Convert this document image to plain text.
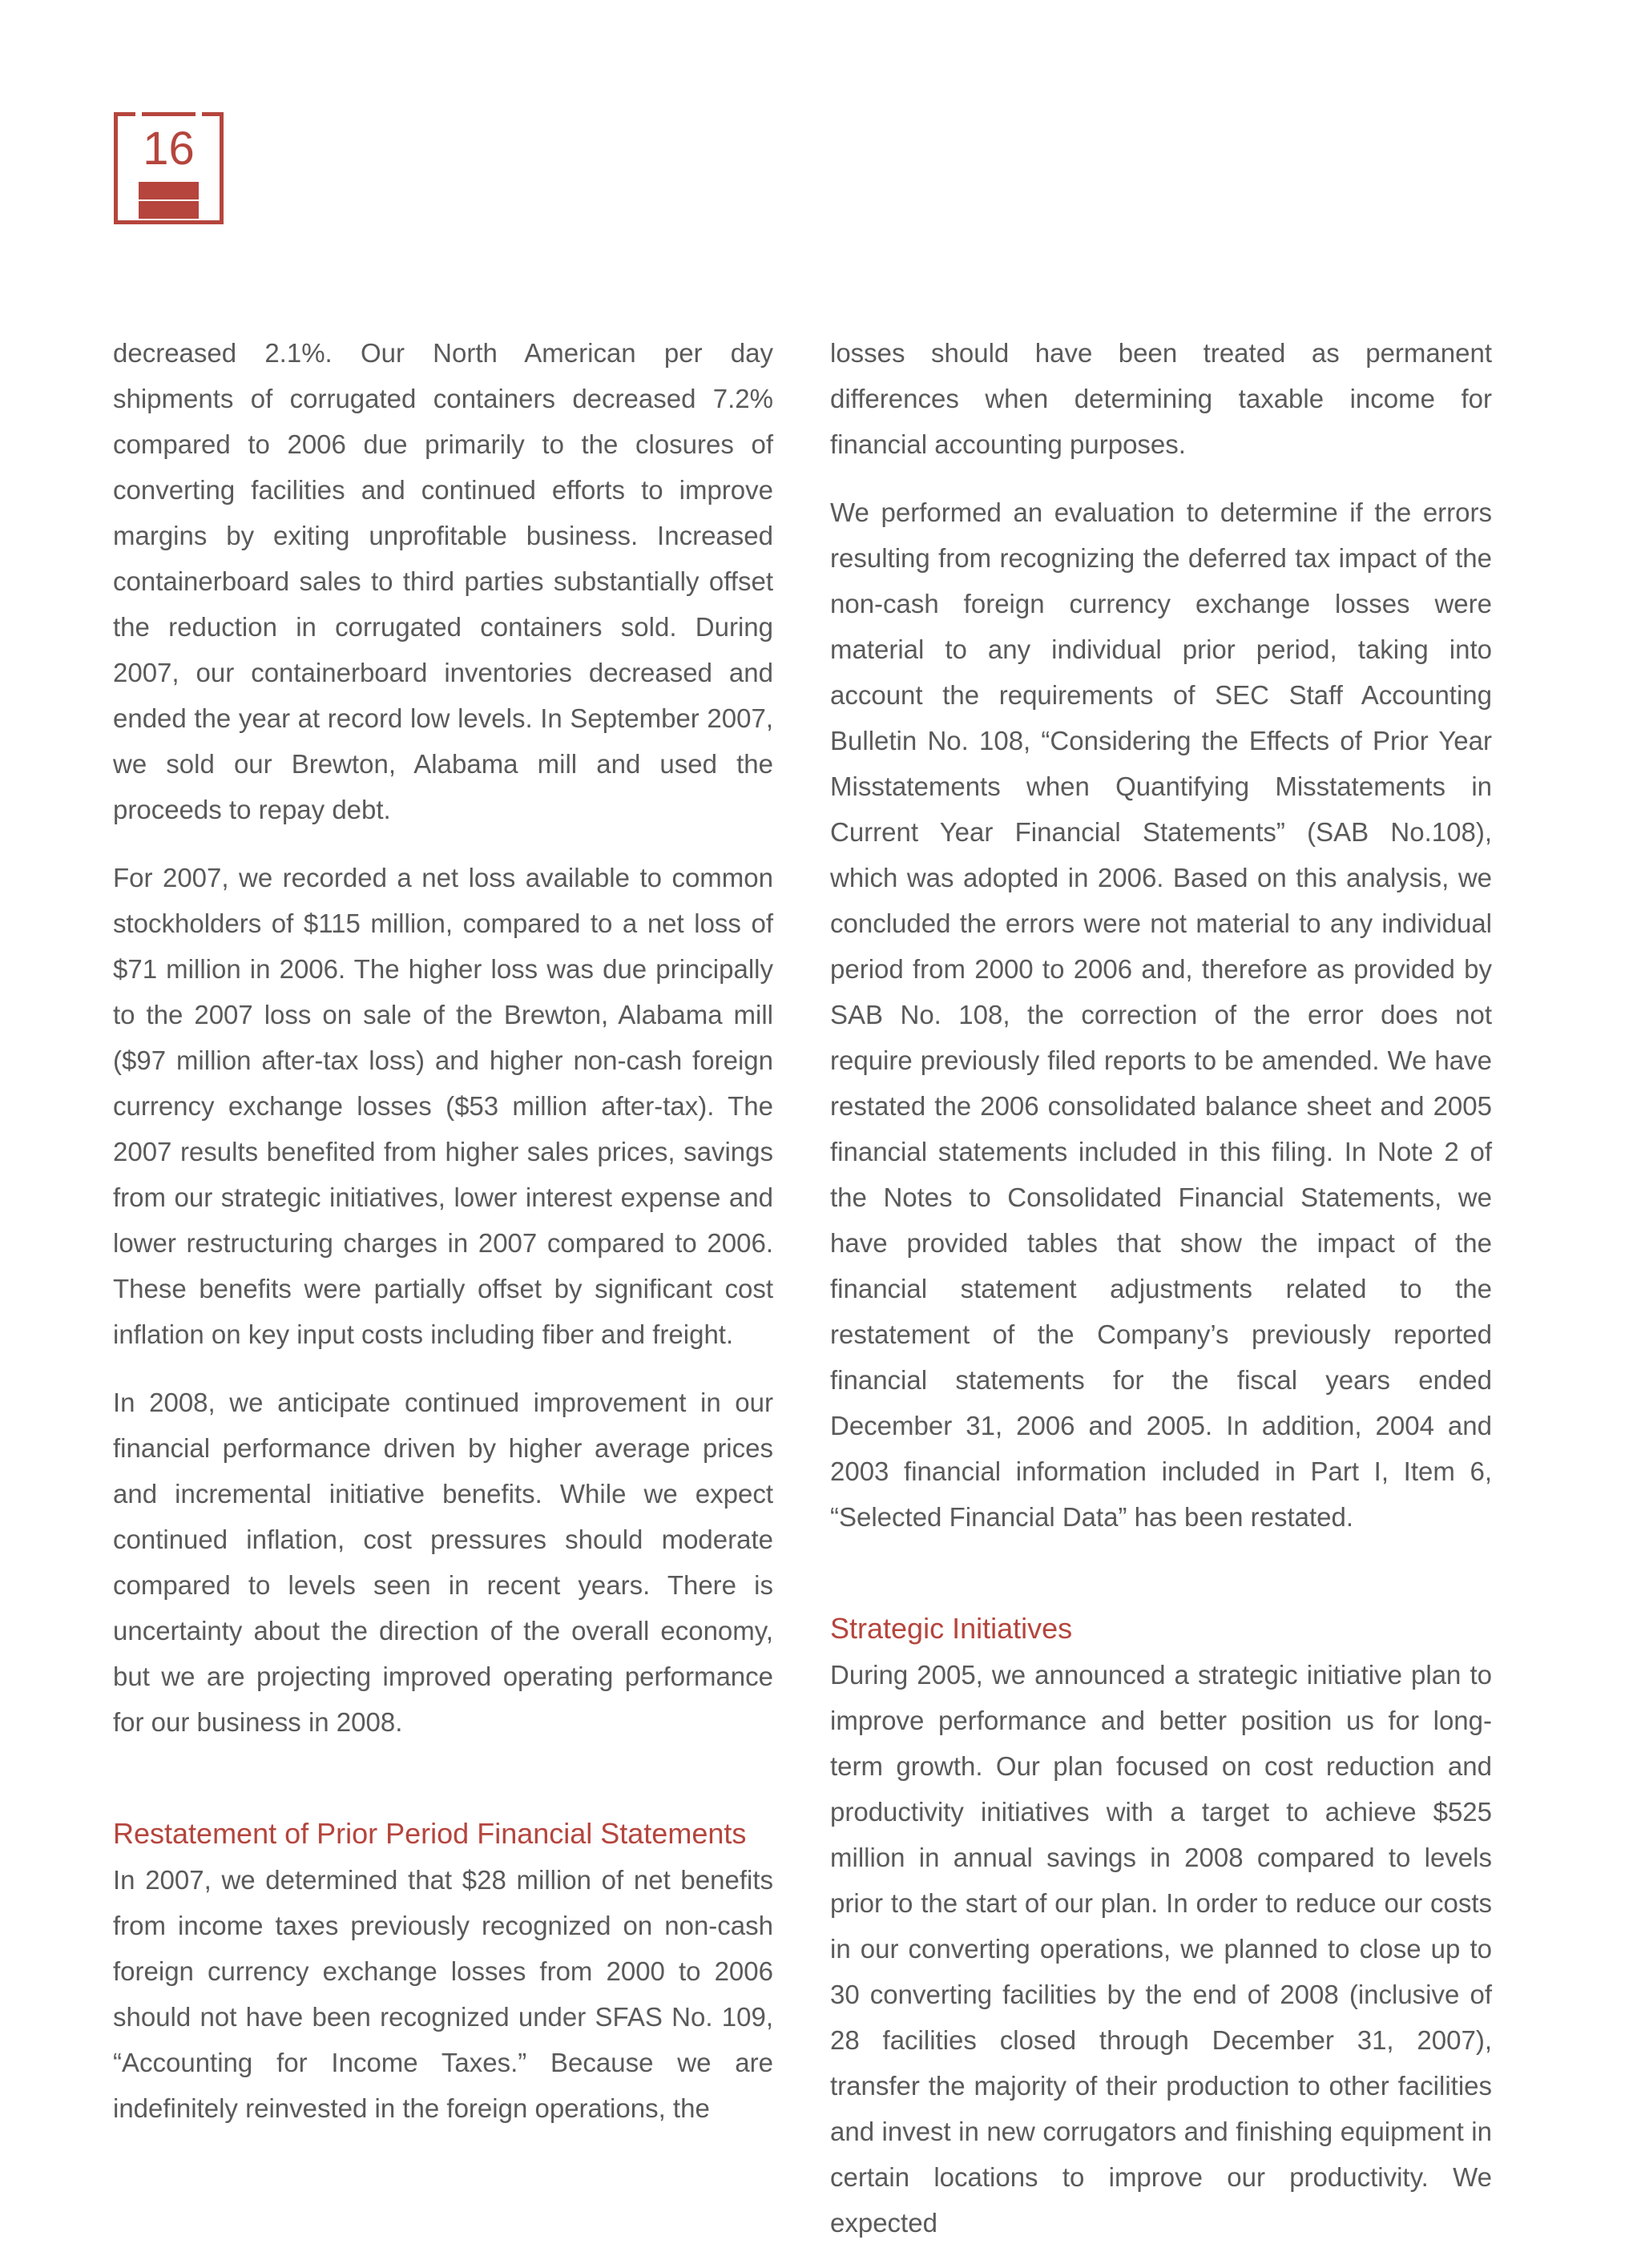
16

decreased 2.1%. Our North American per day shipments of corrugated containers decreased 7.2% compared to 2006 due primarily to the closures of converting facilities and continued efforts to improve margins by exiting unprofitable business. Increased containerboard sales to third parties substantially offset the reduction in corrugated containers sold. During 2007, our containerboard inventories decreased and ended the year at record low levels. In September 2007, we sold our Brewton, Alabama mill and used the proceeds to repay debt.

For 2007, we recorded a net loss available to common stockholders of $115 million, compared to a net loss of $71 million in 2006. The higher loss was due principally to the 2007 loss on sale of the Brewton, Alabama mill ($97 million after-tax loss) and higher non-cash foreign currency exchange losses ($53 million after-tax). The 2007 results benefited from higher sales prices, savings from our strategic initiatives, lower interest expense and lower restructuring charges in 2007 compared to 2006. These benefits were partially offset by significant cost inflation on key input costs including fiber and freight.

In 2008, we anticipate continued improvement in our financial performance driven by higher average prices and incremental initiative benefits. While we expect continued inflation, cost pressures should moderate compared to levels seen in recent years. There is uncertainty about the direction of the overall economy, but we are projecting improved operating performance for our business in 2008.

Restatement of Prior Period Financial Statements

In 2007, we determined that $28 million of net benefits from income taxes previously recognized on non-cash foreign currency exchange losses from 2000 to 2006 should not have been recognized under SFAS No. 109, “Accounting for Income Taxes.” Because we are indefinitely reinvested in the foreign operations, the

losses should have been treated as permanent differences when determining taxable income for financial accounting purposes.

We performed an evaluation to determine if the errors resulting from recognizing the deferred tax impact of the non-cash foreign currency exchange losses were material to any individual prior period, taking into account the requirements of SEC Staff Accounting Bulletin No. 108, “Considering the Effects of Prior Year Misstatements when Quantifying Misstatements in Current Year Financial Statements” (SAB No.108), which was adopted in 2006. Based on this analysis, we concluded the errors were not material to any individual period from 2000 to 2006 and, therefore as provided by SAB No. 108, the correction of the error does not require previously filed reports to be amended. We have restated the 2006 consolidated balance sheet and 2005 financial statements included in this filing. In Note 2 of the Notes to Consolidated Financial Statements, we have provided tables that show the impact of the financial statement adjustments related to the restatement of the Company’s previously reported financial statements for the fiscal years ended December 31, 2006 and 2005. In addition, 2004 and 2003 financial information included in Part I, Item 6, “Selected Financial Data” has been restated.

Strategic Initiatives

During 2005, we announced a strategic initiative plan to improve performance and better position us for long-term growth. Our plan focused on cost reduction and productivity initiatives with a target to achieve $525 million in annual savings in 2008 compared to levels prior to the start of our plan. In order to reduce our costs in our converting operations, we planned to close up to 30 converting facilities by the end of 2008 (inclusive of 28 facilities closed through December 31, 2007), transfer the majority of their production to other facilities and invest in new corrugators and finishing equipment in certain locations to improve our productivity. We expected
